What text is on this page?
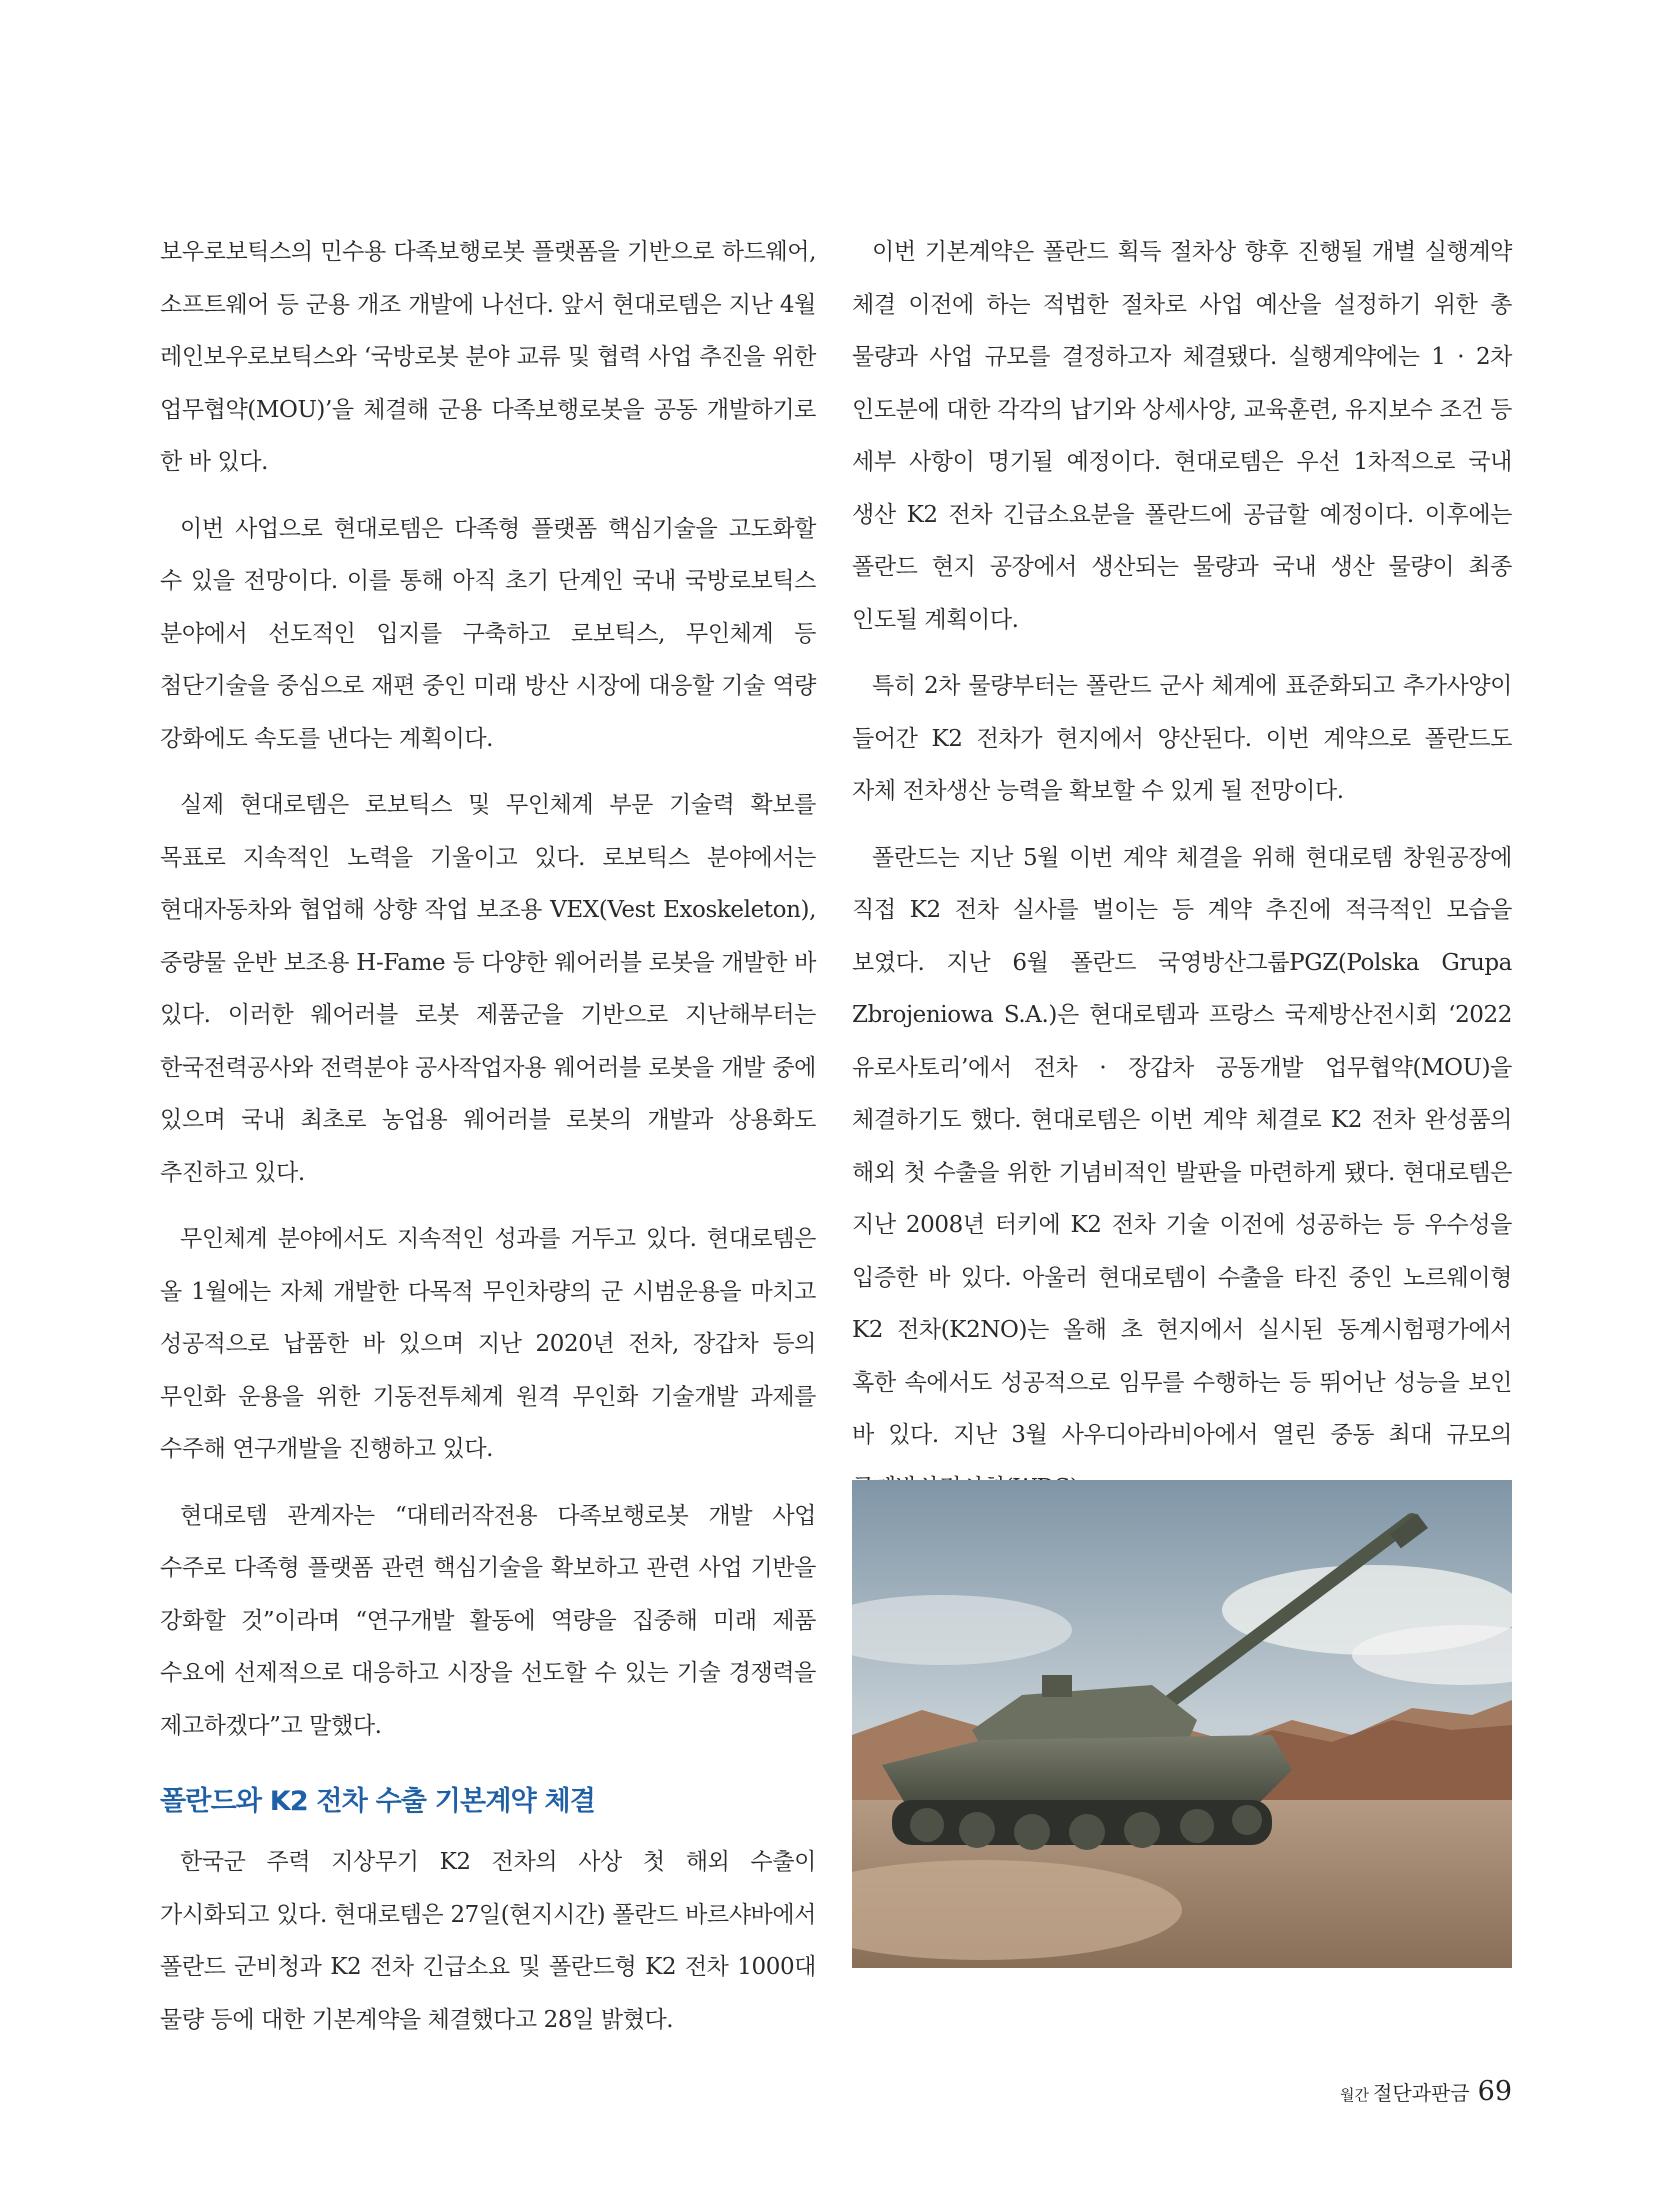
보우로보틱스의 민수용 다족보행로봇 플랫폼을 기반으로 하드웨어, 소프트웨어 등 군용 개조 개발에 나선다. 앞서 현대로템은 지난 4월 레인보우로보틱스와 ‘국방로봇 분야 교류 및 협력 사업 추진을 위한 업무협약(MOU)’을 체결해 군용 다족보행로봇을 공동 개발하기로 한 바 있다.

이번 사업으로 현대로템은 다족형 플랫폼 핵심기술을 고도화할 수 있을 전망이다. 이를 통해 아직 초기 단계인 국내 국방로보틱스 분야에서 선도적인 입지를 구축하고 로보틱스, 무인체계 등 첨단기술을 중심으로 재편 중인 미래 방산 시장에 대응할 기술 역량 강화에도 속도를 낸다는 계획이다.

실제 현대로템은 로보틱스 및 무인체계 부문 기술력 확보를 목표로 지속적인 노력을 기울이고 있다. 로보틱스 분야에서는 현대자동차와 협업해 상향 작업 보조용 VEX(Vest Exoskeleton), 중량물 운반 보조용 H-Fame 등 다양한 웨어러블 로봇을 개발한 바 있다. 이러한 웨어러블 로봇 제품군을 기반으로 지난해부터는 한국전력공사와 전력분야 공사작업자용 웨어러블 로봇을 개발 중에 있으며 국내 최초로 농업용 웨어러블 로봇의 개발과 상용화도 추진하고 있다.

무인체계 분야에서도 지속적인 성과를 거두고 있다. 현대로템은 올 1월에는 자체 개발한 다목적 무인차량의 군 시범운용을 마치고 성공적으로 납품한 바 있으며 지난 2020년 전차, 장갑차 등의 무인화 운용을 위한 기동전투체계 원격 무인화 기술개발 과제를 수주해 연구개발을 진행하고 있다.

현대로템 관계자는 “대테러작전용 다족보행로봇 개발 사업 수주로 다족형 플랫폼 관련 핵심기술을 확보하고 관련 사업 기반을 강화할 것”이라며 “연구개발 활동에 역량을 집중해 미래 제품 수요에 선제적으로 대응하고 시장을 선도할 수 있는 기술 경쟁력을 제고하겠다”고 말했다.

폴란드와 K2 전차 수출 기본계약 체결

한국군 주력 지상무기 K2 전차의 사상 첫 해외 수출이 가시화되고 있다. 현대로템은 27일(현지시간) 폴란드 바르샤바에서 폴란드 군비청과 K2 전차 긴급소요 및 폴란드형 K2 전차 1000대 물량 등에 대한 기본계약을 체결했다고 28일 밝혔다.

이번 기본계약은 폴란드 획득 절차상 향후 진행될 개별 실행계약 체결 이전에 하는 적법한 절차로 사업 예산을 설정하기 위한 총 물량과 사업 규모를 결정하고자 체결됐다. 실행계약에는 1 · 2차 인도분에 대한 각각의 납기와 상세사양, 교육훈련, 유지보수 조건 등 세부 사항이 명기될 예정이다. 현대로템은 우선 1차적으로 국내 생산 K2 전차 긴급소요분을 폴란드에 공급할 예정이다. 이후에는 폴란드 현지 공장에서 생산되는 물량과 국내 생산 물량이 최종 인도될 계획이다.

특히 2차 물량부터는 폴란드 군사 체계에 표준화되고 추가사양이 들어간 K2 전차가 현지에서 양산된다. 이번 계약으로 폴란드도 자체 전차생산 능력을 확보할 수 있게 될 전망이다.

폴란드는 지난 5월 이번 계약 체결을 위해 현대로템 창원공장에 직접 K2 전차 실사를 벌이는 등 계약 추진에 적극적인 모습을 보였다. 지난 6월 폴란드 국영방산그룹PGZ(Polska Grupa Zbrojeniowa S.A.)은 현대로템과 프랑스 국제방산전시회 ‘2022 유로사토리’에서 전차 · 장갑차 공동개발 업무협약(MOU)을 체결하기도 했다. 현대로템은 이번 계약 체결로 K2 전차 완성품의 해외 첫 수출을 위한 기념비적인 발판을 마련하게 됐다. 현대로템은 지난 2008년 터키에 K2 전차 기술 이전에 성공하는 등 우수성을 입증한 바 있다. 아울러 현대로템이 수출을 타진 중인 노르웨이형 K2 전차(K2NO)는 올해 초 현지에서 실시된 동계시험평가에서 혹한 속에서도 성공적으로 임무를 수행하는 등 뛰어난 성능을 보인 바 있다. 지난 3월 사우디아라비아에서 열린 중동 최대 규모의

월간 절단과판금 69
